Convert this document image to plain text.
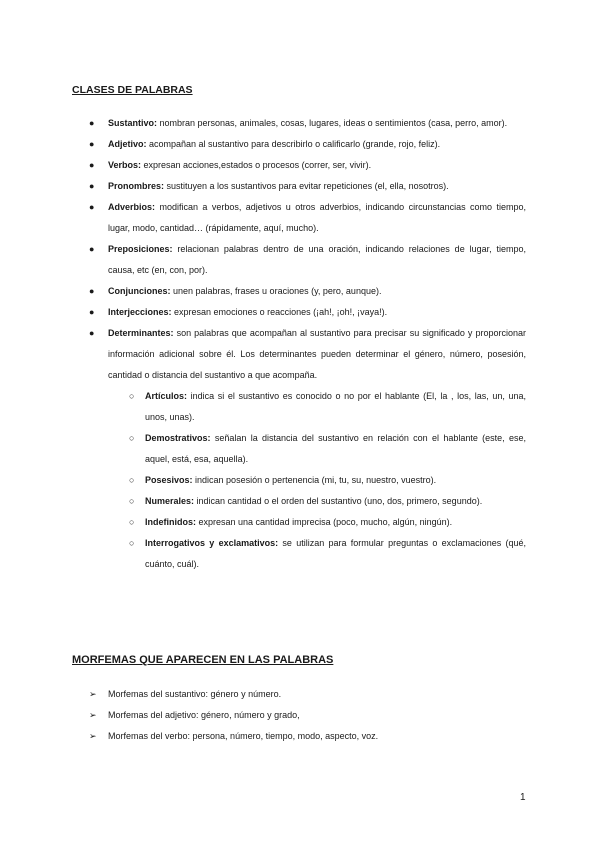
CLASES DE PALABRAS
● Sustantivo: nombran personas, animales, cosas, lugares, ideas o sentimientos (casa, perro, amor).
● Adjetivo: acompañan al sustantivo para describirlo o calificarlo (grande, rojo, feliz).
● Verbos: expresan acciones,estados o procesos (correr, ser, vivir).
● Pronombres: sustituyen a los sustantivos para evitar repeticiones (el, ella, nosotros).
● Adverbios: modifican a verbos, adjetivos u otros adverbios, indicando circunstancias como tiempo, lugar, modo, cantidad… (rápidamente, aquí, mucho).
● Preposiciones: relacionan palabras dentro de una oración, indicando relaciones de lugar, tiempo, causa, etc (en, con, por).
● Conjunciones: unen palabras, frases u oraciones (y, pero, aunque).
● Interjecciones: expresan emociones o reacciones (¡ah!, ¡oh!, ¡vaya!).
● Determinantes: son palabras que acompañan al sustantivo para precisar su significado y proporcionar información adicional sobre él. Los determinantes pueden determinar el género, número, posesión, cantidad o distancia del sustantivo a que acompaña.
○ Artículos: indica si el sustantivo es conocido o no por el hablante (El, la , los, las, un, una, unos, unas).
○ Demostrativos: señalan la distancia del sustantivo en relación con el hablante (este, ese, aquel, está, esa, aquella).
○ Posesivos: indican posesión o pertenencia (mi, tu, su, nuestro, vuestro).
○ Numerales: indican cantidad o el orden del sustantivo (uno, dos, primero, segundo).
○ Indefinidos: expresan una cantidad imprecisa (poco, mucho, algún, ningún).
○ Interrogativos y exclamativos: se utilizan para formular preguntas o exclamaciones (qué, cuánto, cuál).
MORFEMAS QUE APARECEN EN LAS PALABRAS
➢ Morfemas del sustantivo: género y número.
➢ Morfemas del adjetivo: género, número y grado,
➢ Morfemas del verbo: persona, número, tiempo, modo, aspecto, voz.
1
